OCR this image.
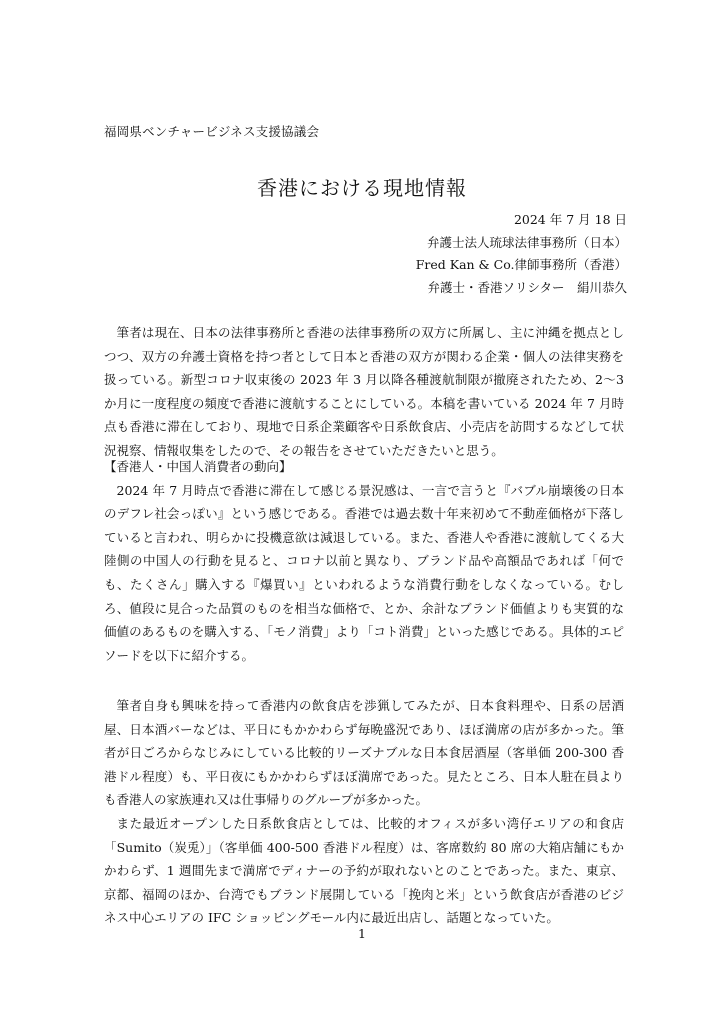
福岡県ベンチャービジネス支援協議会
香港における現地情報
2024 年 7 月 18 日
弁護士法人琉球法律事務所（日本）
Fred Kan & Co.律師事務所（香港）
弁護士・香港ソリシター　絹川恭久

筆者は現在、日本の法律事務所と香港の法律事務所の双方に所属し、主に沖縄を拠点としつつ、双方の弁護士資格を持つ者として日本と香港の双方が関わる企業・個人の法律実務を扱っている。新型コロナ収束後の 2023 年 3 月以降各種渡航制限が撤廃されたため、2～3 か月に一度程度の頻度で香港に渡航することにしている。本稿を書いている 2024 年 7 月時点も香港に滞在しており、現地で日系企業顧客や日系飲食店、小売店を訪問するなどして状況視察、情報収集をしたので、その報告をさせていただきたいと思う。

【香港人・中国人消費者の動向】

2024 年 7 月時点で香港に滞在して感じる景況感は、一言で言うと『バブル崩壊後の日本のデフレ社会っぽい』という感じである。香港では過去数十年来初めて不動産価格が下落していると言われ、明らかに投機意欲は減退している。また、香港人や香港に渡航してくる大陸側の中国人の行動を見ると、コロナ以前と異なり、ブランド品や高額品であれば「何でも、たくさん」購入する『爆買い』といわれるような消費行動をしなくなっている。むしろ、値段に見合った品質のものを相当な価格で、とか、余計なブランド価値よりも実質的な価値のあるものを購入する、「モノ消費」より「コト消費」といった感じである。具体的エピソードを以下に紹介する。

筆者自身も興味を持って香港内の飲食店を渉猟してみたが、日本食料理や、日系の居酒屋、日本酒バーなどは、平日にもかかわらず毎晩盛況であり、ほぼ満席の店が多かった。筆者が日ごろからなじみにしている比較的リーズナブルな日本食居酒屋（客単価 200-300 香港ドル程度）も、平日夜にもかかわらずほぼ満席であった。見たところ、日本人駐在員よりも香港人の家族連れ又は仕事帰りのグループが多かった。

また最近オープンした日系飲食店としては、比較的オフィスが多い湾仔エリアの和食店「Sumito（炭兎）」（客単価 400-500 香港ドル程度）は、客席数約 80 席の大箱店舗にもかかわらず、1 週間先まで満席でディナーの予約が取れないとのことであった。また、東京、京都、福岡のほか、台湾でもブランド展開している「挽肉と米」という飲食店が香港のビジネス中心エリアの IFC ショッピングモール内に最近出店し、話題となっていた。

1
